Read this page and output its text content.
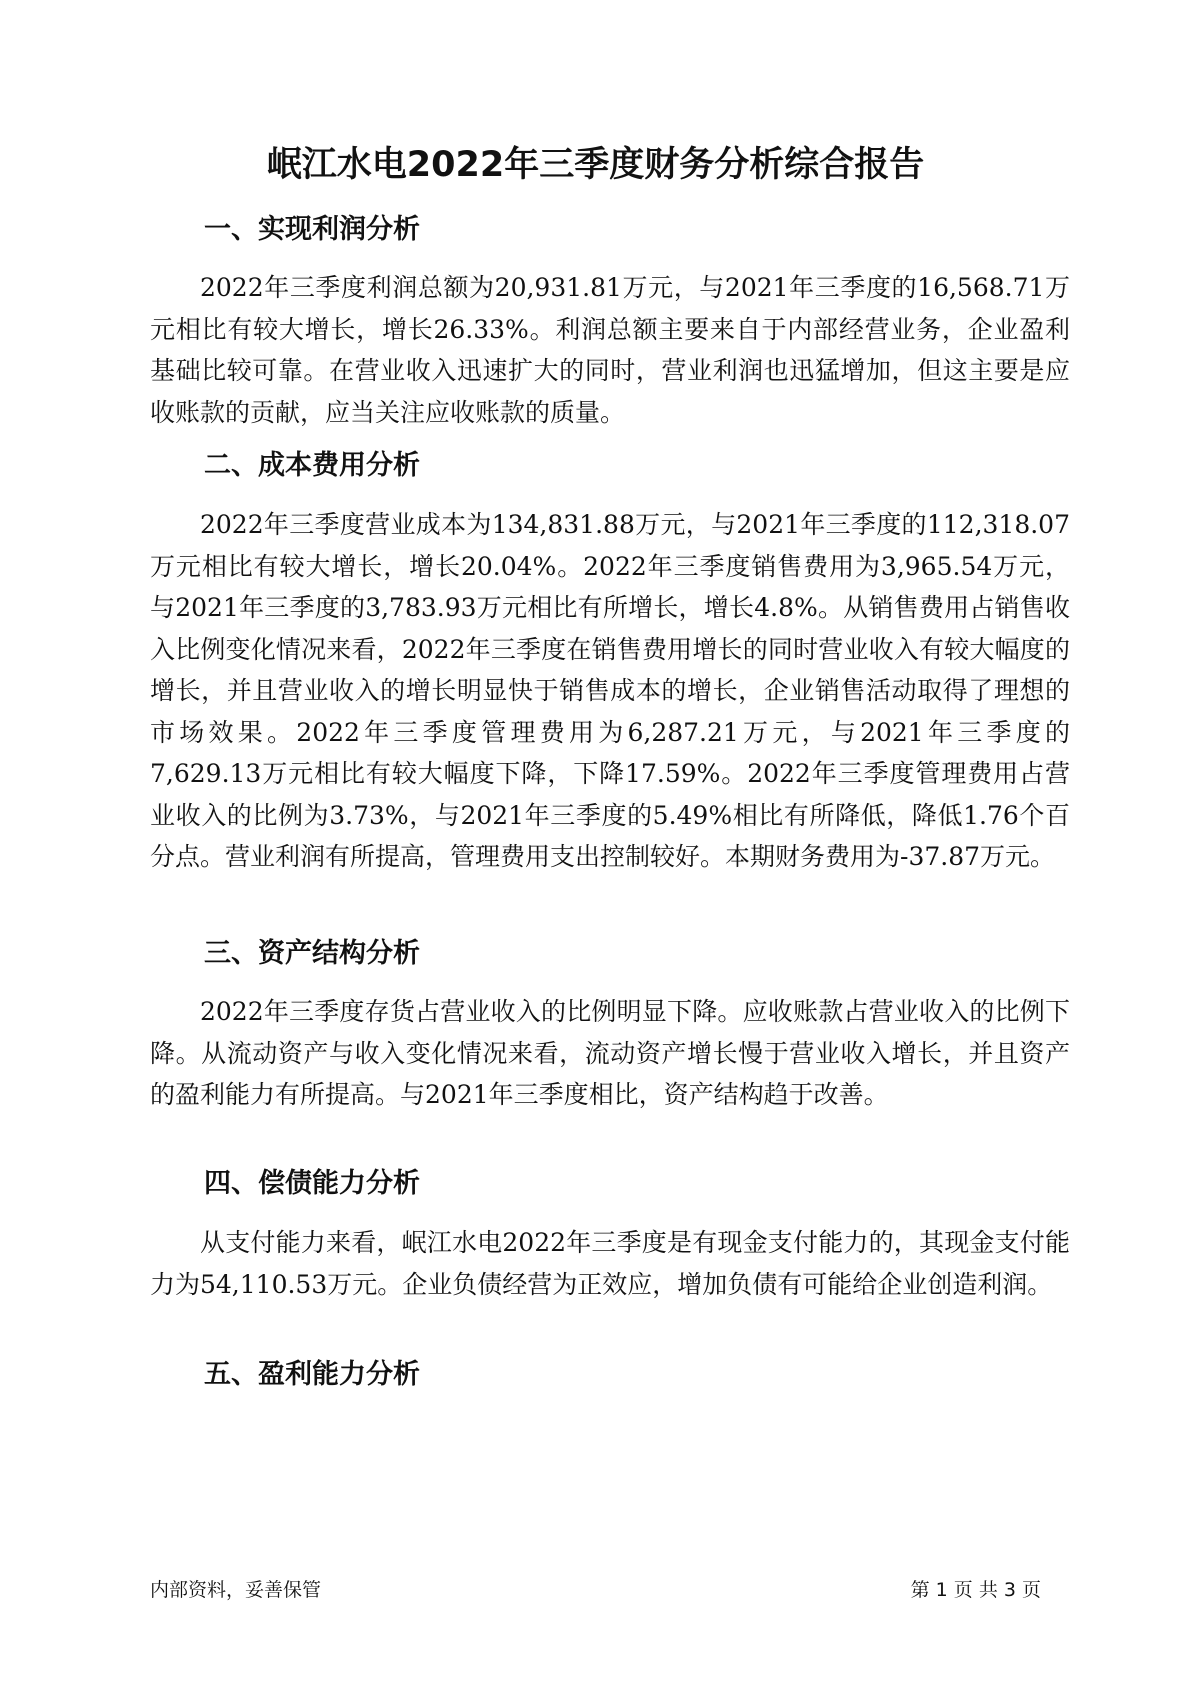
岷江水电2022年三季度财务分析综合报告
一、实现利润分析

2022年三季度利润总额为20,931.81万元，与2021年三季度的16,568.71万元相比有较大增长，增长26.33%。利润总额主要来自于内部经营业务，企业盈利基础比较可靠。在营业收入迅速扩大的同时，营业利润也迅猛增加，但这主要是应收账款的贡献，应当关注应收账款的质量。

二、成本费用分析

2022年三季度营业成本为134,831.88万元，与2021年三季度的112,318.07万元相比有较大增长，增长20.04%。2022年三季度销售费用为3,965.54万元，与2021年三季度的3,783.93万元相比有所增长，增长4.8%。从销售费用占销售收入比例变化情况来看，2022年三季度在销售费用增长的同时营业收入有较大幅度的增长，并且营业收入的增长明显快于销售成本的增长，企业销售活动取得了理想的市场效果。2022年三季度管理费用为6,287.21万元，与2021年三季度的7,629.13万元相比有较大幅度下降，下降17.59%。2022年三季度管理费用占营业收入的比例为3.73%，与2021年三季度的5.49%相比有所降低，降低1.76个百分点。营业利润有所提高，管理费用支出控制较好。本期财务费用为-37.87万元。

三、资产结构分析

2022年三季度存货占营业收入的比例明显下降。应收账款占营业收入的比例下降。从流动资产与收入变化情况来看，流动资产增长慢于营业收入增长，并且资产的盈利能力有所提高。与2021年三季度相比，资产结构趋于改善。

四、偿债能力分析

从支付能力来看，岷江水电2022年三季度是有现金支付能力的，其现金支付能力为54,110.53万元。企业负债经营为正效应，增加负债有可能给企业创造利润。

五、盈利能力分析
内部资料，妥善保管	第 1 页 共 3 页
